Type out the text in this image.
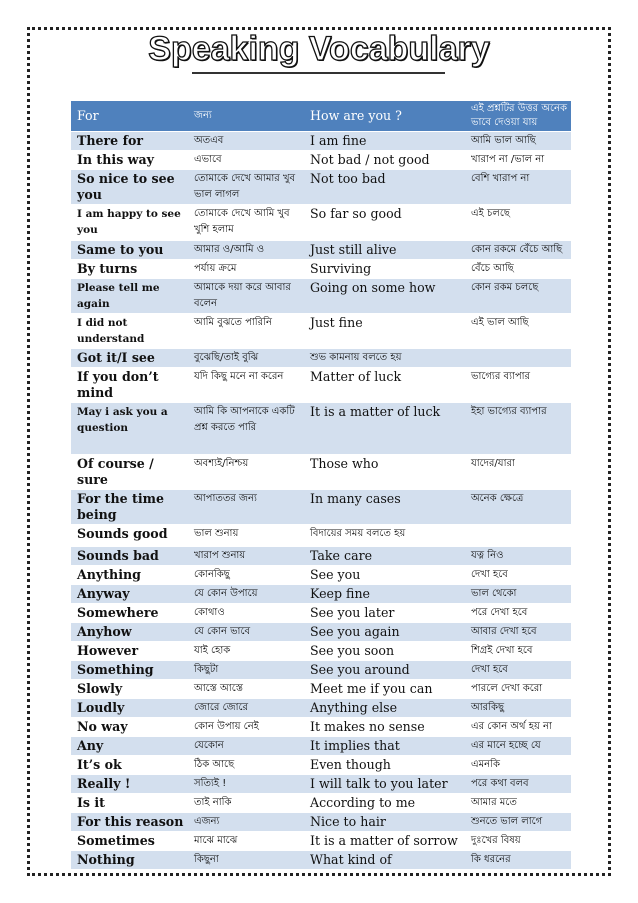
Speaking Vocabulary
For	জন্য	How are you ?	এই প্রশ্নটির উত্তর অনেক ভাবে দেওয়া যায়
There for	অতএব	I am fine	আমি ভাল আছি
In this way	এভাবে	Not bad / not good	খারাপ না /ভাল না
So nice to see you	তোমাকে দেখে আমার খুব ভাল লাগল	Not too bad	বেশি খারাপ না
I am happy to see you	তোমাকে দেখে আমি খুব খুশি হলাম	So far so good	এই চলছে
Same to you	আমার ও/আমি ও	Just still alive	কোন রকমে বেঁচে আছি
By turns	পর্যায় ক্রমে	Surviving	বেঁচে আছি
Please tell me again	আমাকে দয়া করে আবার বলেন	Going on some how	কোন রকম চলছে
I did not understand	আমি বুঝতে পারিনি	Just fine	এই ভাল আছি
Got it/I see	বুঝেছি/তাই বুঝি	শুভ কামনায় বলতে হয়	
If you don’t mind	যদি কিছু মনে না করেন	Matter of luck	ভাগ্যের ব্যাপার
May i ask you a question	আমি কি আপনাকে একটি প্রশ্ন করতে পারি	It is a matter of luck	ইহা ভাগ্যের ব্যাপার
Of course / sure	অবশ্যই/নিশ্চয়	Those who	যাদের/যারা
For the time being	আপাততর জন্য	In many cases	অনেক ক্ষেত্রে
Sounds good	ভাল শুনায়	বিদায়ের সময় বলতে হয়	
Sounds bad	খারাপ শুনায়	Take care	যত্ন নিও
Anything	কোনকিছু	See you	দেখা হবে
Anyway	যে কোন উপায়ে	Keep fine	ভাল থেকো
Somewhere	কোথাও	See you later	পরে দেখা হবে
Anyhow	যে কোন ভাবে	See you again	আবার দেখা হবে
However	যাই হোক	See you soon	শিগ্রই দেখা হবে
Something	কিছুটা	See you around	দেখা হবে
Slowly	আস্তে আস্তে	Meet me if you can	পারলে দেখা করো
Loudly	জোরে জোরে	Anything else	আরকিছু
No way	কোন উপায় নেই	It makes no sense	এর কোন অর্থ হয় না
Any	যেকোন	It implies that	এর মানে হচ্ছে যে
It’s ok	ঠিক আছে	Even though	এমনকি
Really !	সত্যিই !	I will talk to you later	পরে কথা বলব
Is it	তাই নাকি	According to me	আমার মতে
For this reason	এজন্য	Nice to hair	শুনতে ভাল লাগে
Sometimes	মাঝে মাঝে	It is a matter of sorrow	দুঃখের বিষয়
Nothing	কিছুনা	What kind of	কি ধরনের
